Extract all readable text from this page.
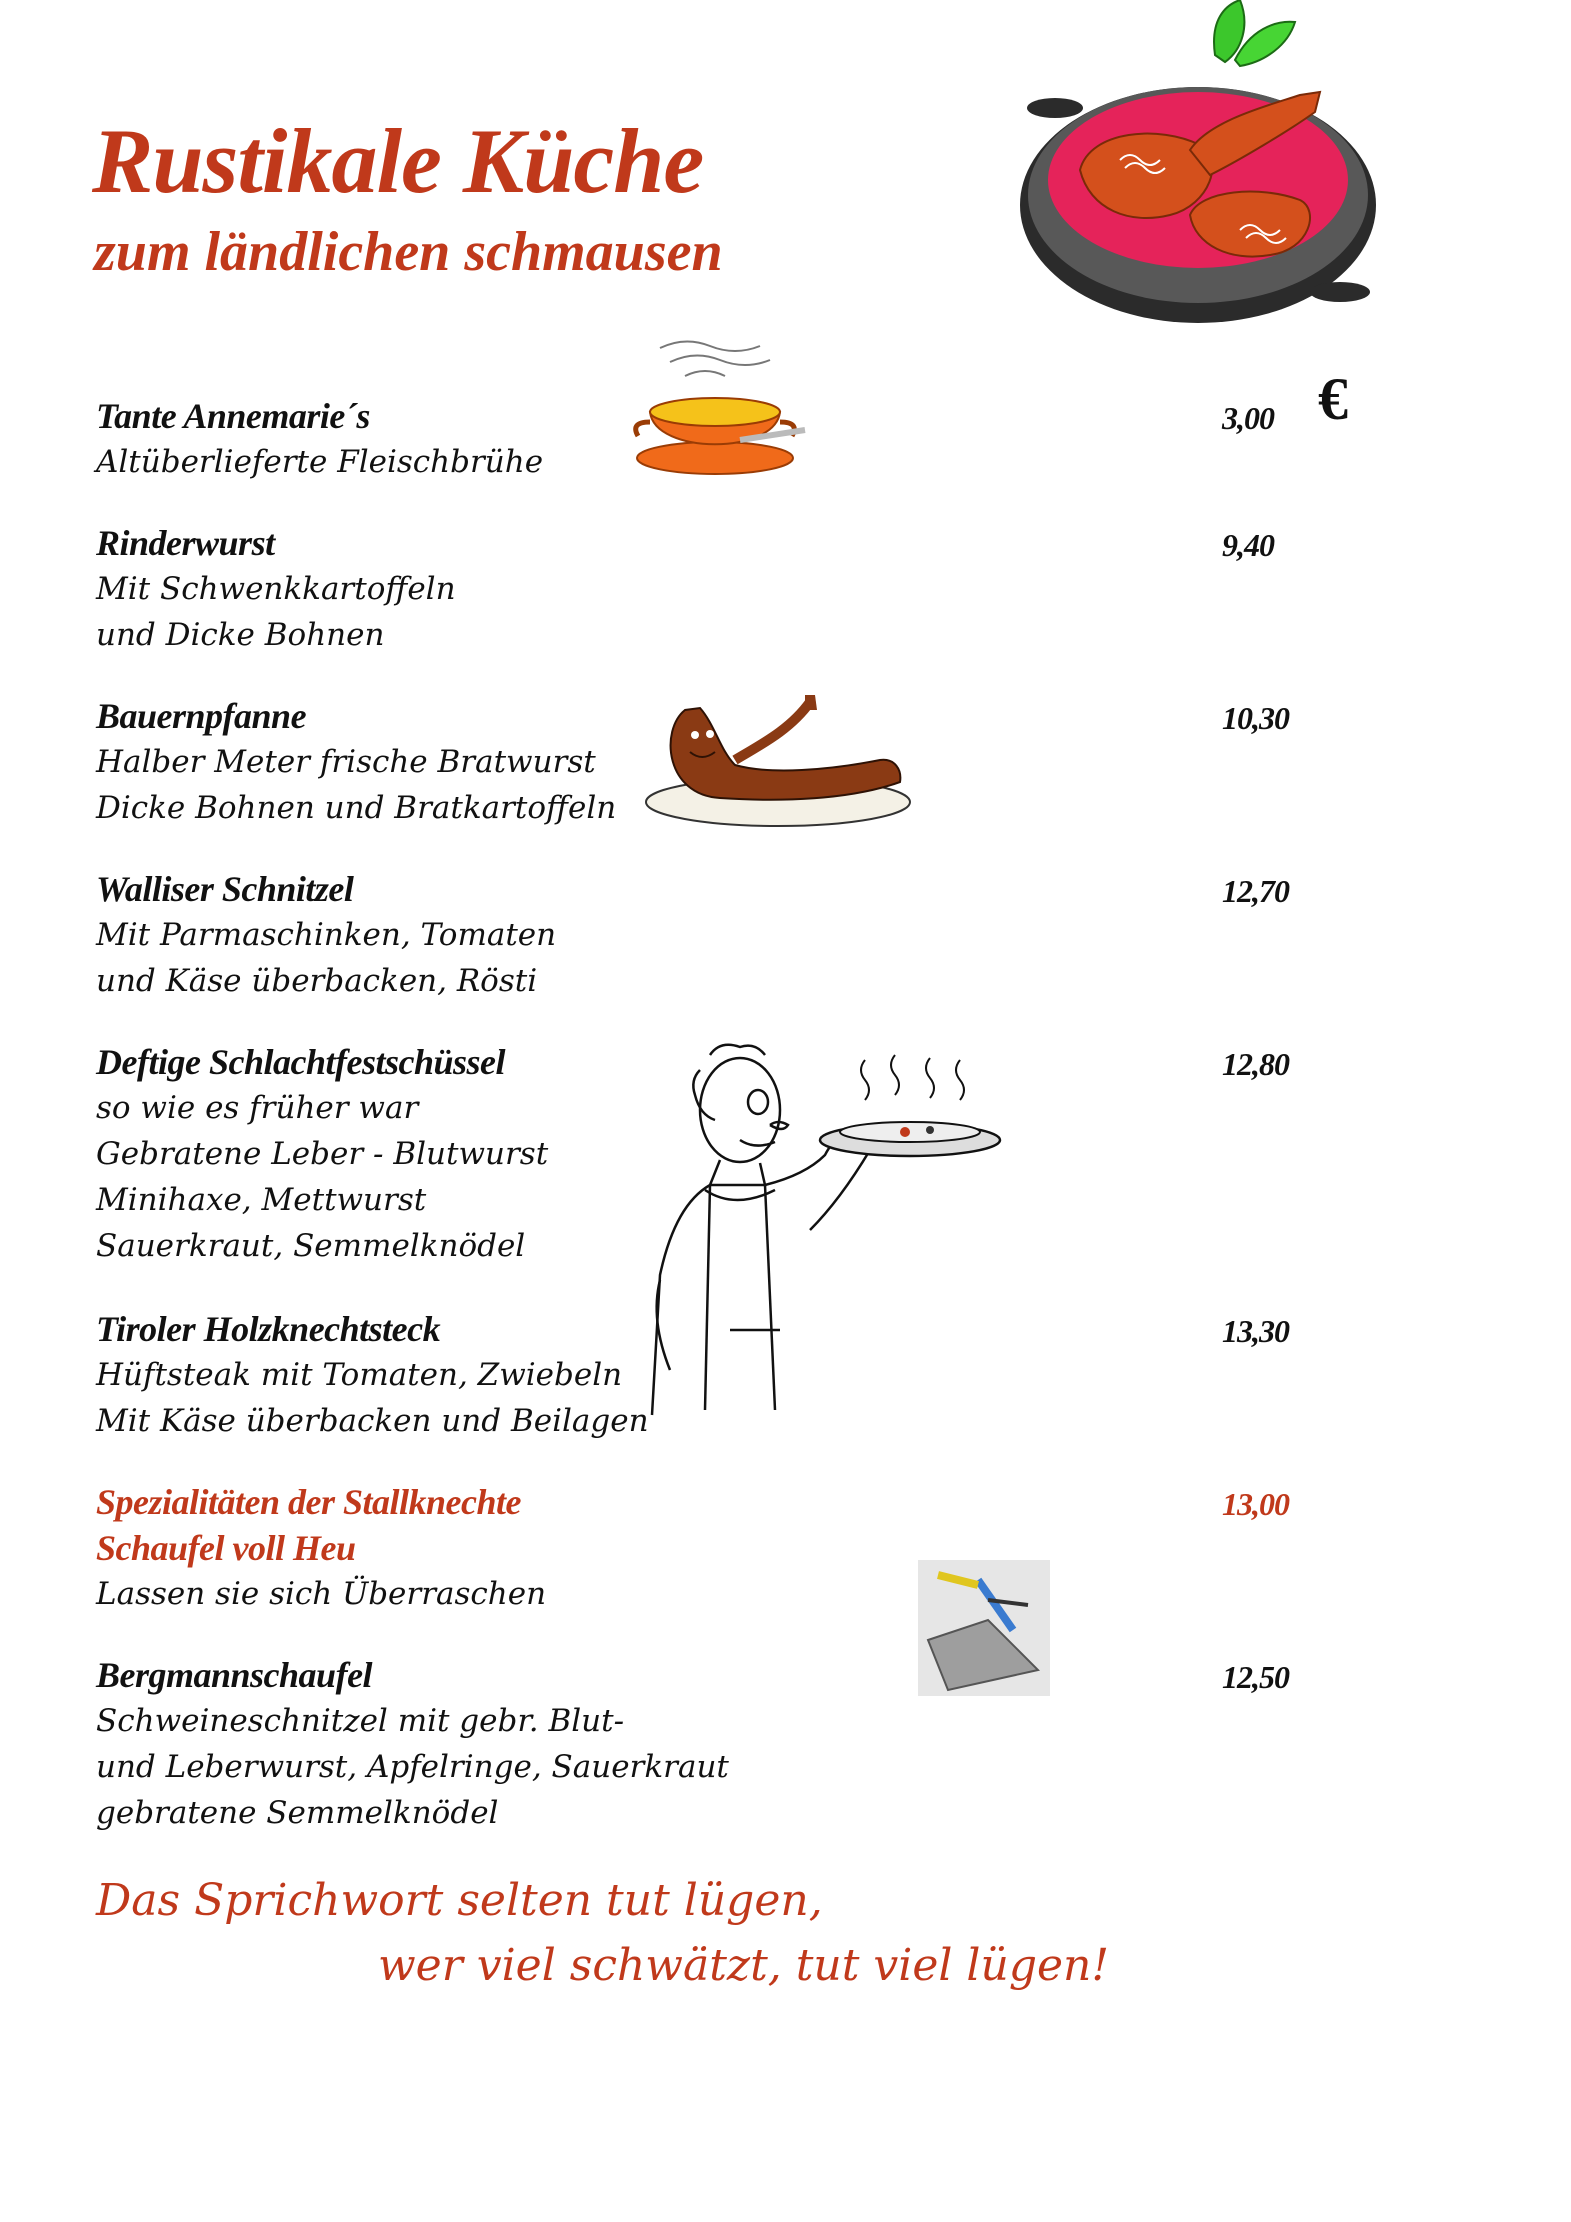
Rustikale Küche
zum ländlichen schmausen
€
Tante Annemarie´s
Altüberlieferte Fleischbrühe
3,00
Rinderwurst
Mit Schwenkkartoffeln
und Dicke Bohnen
9,40
Bauernpfanne
Halber Meter frische Bratwurst
Dicke Bohnen und Bratkartoffeln
10,30
Walliser Schnitzel
Mit Parmaschinken, Tomaten
und Käse überbacken, Rösti
12,70
Deftige Schlachtfestschüssel
so wie es früher war
Gebratene Leber - Blutwurst
Minihaxe, Mettwurst
Sauerkraut, Semmelknödel
12,80
Tiroler Holzknechtsteck
Hüftsteak mit Tomaten, Zwiebeln
Mit Käse überbacken und Beilagen
13,30
Spezialitäten der Stallknechte
Schaufel voll Heu
Lassen sie sich Überraschen
13,00
Bergmannschaufel
Schweineschnitzel mit gebr. Blut-
und Leberwurst, Apfelringe, Sauerkraut
gebratene Semmelknödel
12,50
Das Sprichwort selten tut lügen,
wer viel schwätzt, tut viel lügen!
